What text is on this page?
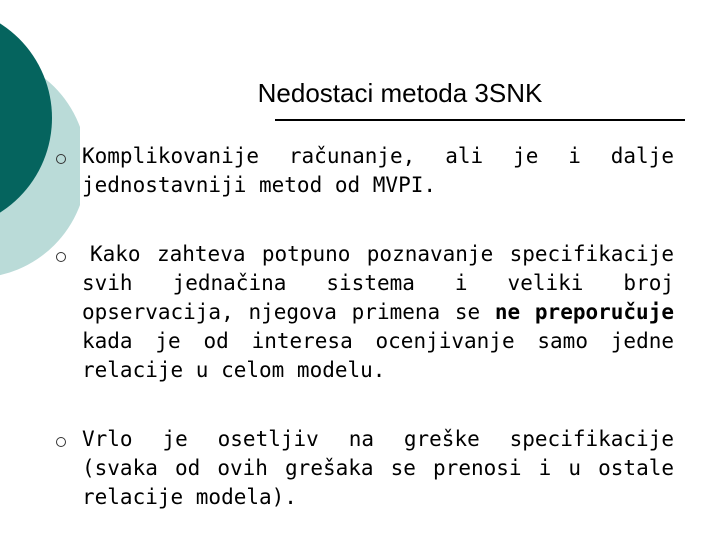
Nedostaci metoda 3SNK

Komplikovanije računanje, ali je i dalje jednostavniji metod od MVPI.

Kako zahteva potpuno poznavanje specifikacije svih jednačina sistema i veliki broj opservacija, njegova primena se ne preporučuje kada je od interesa ocenjivanje samo jedne relacije u celom modelu.

Vrlo je osetljiv na greške specifikacije (svaka od ovih grešaka se prenosi i u ostale relacije modela).
